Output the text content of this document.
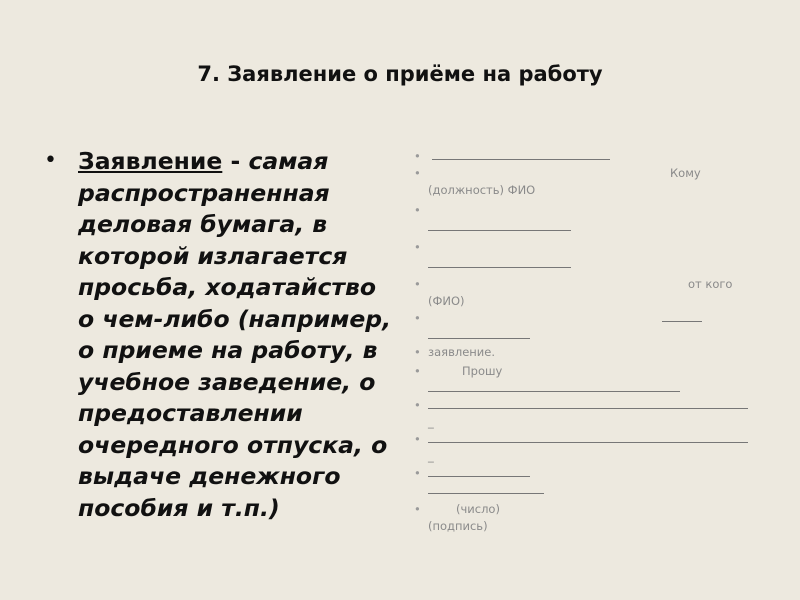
7. Заявление о приёме на работу
• Заявление - самая распространенная деловая бумага, в которой излагается просьба, ходатайство о чем-либо (например, о приеме на работу, в учебное заведение, о предоставлении очередного отпуска, о выдаче денежного пособия и т.п.)
•
•	Кому
(должность) ФИО
•
•
•	от кого
(ФИО)
•
• заявление.
•	Прошу
•
_
•
_
•
•	(число)
(подпись)
